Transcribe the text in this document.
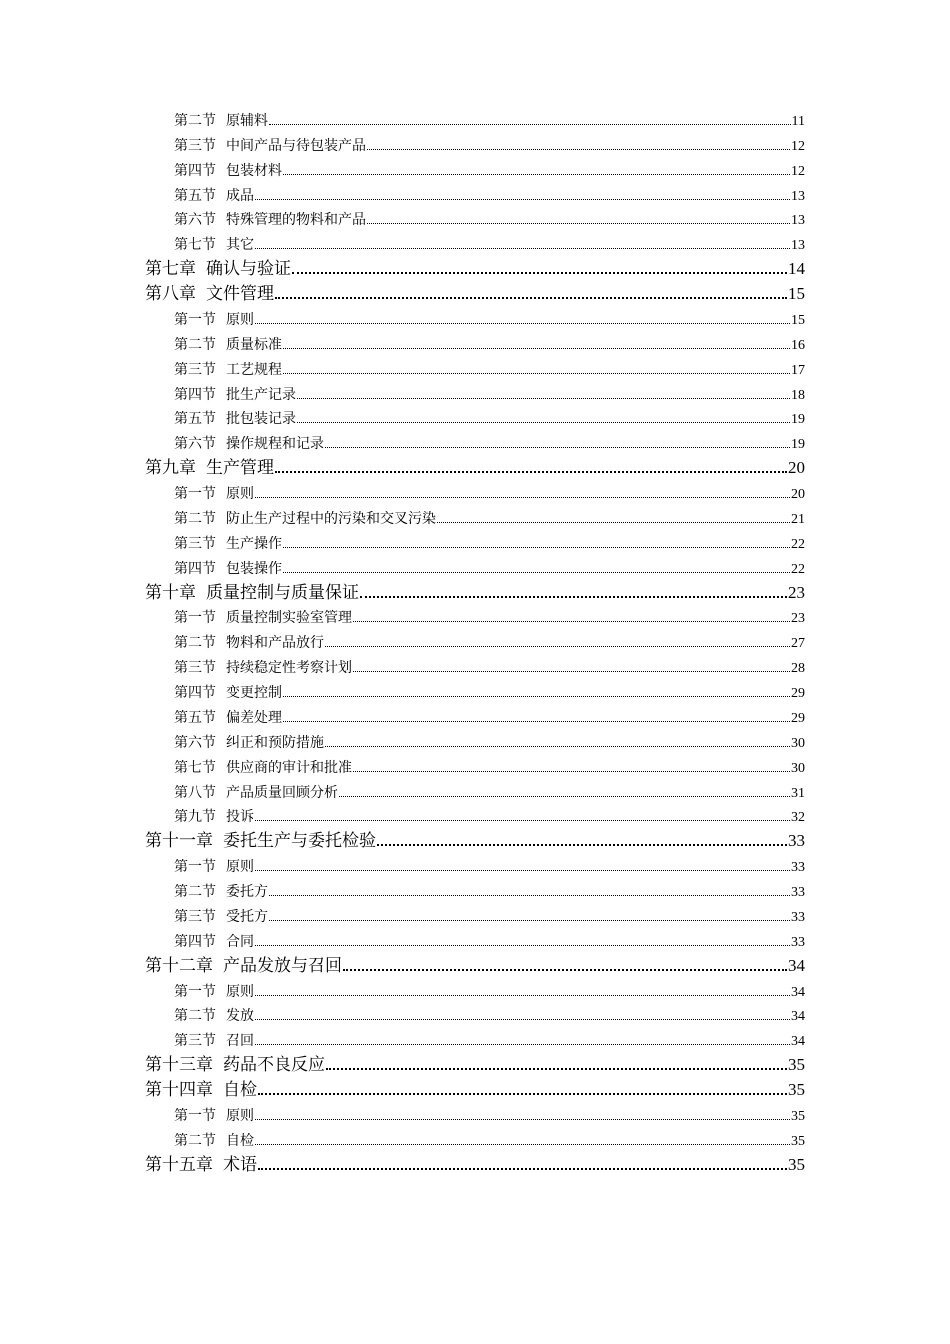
第二节 原辅料	11
第三节 中间产品与待包装产品	12
第四节 包装材料	12
第五节 成品	13
第六节 特殊管理的物料和产品	13
第七节 其它	13
第七章 确认与验证	14
第八章 文件管理	15
第一节 原则	15
第二节 质量标准	16
第三节 工艺规程	17
第四节 批生产记录	18
第五节 批包装记录	19
第六节 操作规程和记录	19
第九章 生产管理	20
第一节 原则	20
第二节 防止生产过程中的污染和交叉污染	21
第三节 生产操作	22
第四节 包装操作	22
第十章 质量控制与质量保证	23
第一节 质量控制实验室管理	23
第二节 物料和产品放行	27
第三节 持续稳定性考察计划	28
第四节 变更控制	29
第五节 偏差处理	29
第六节 纠正和预防措施	30
第七节 供应商的审计和批准	30
第八节 产品质量回顾分析	31
第九节 投诉	32
第十一章 委托生产与委托检验	33
第一节 原则	33
第二节 委托方	33
第三节 受托方	33
第四节 合同	33
第十二章 产品发放与召回	34
第一节 原则	34
第二节 发放	34
第三节 召回	34
第十三章 药品不良反应	35
第十四章 自检	35
第一节 原则	35
第二节 自检	35
第十五章 术语	35
